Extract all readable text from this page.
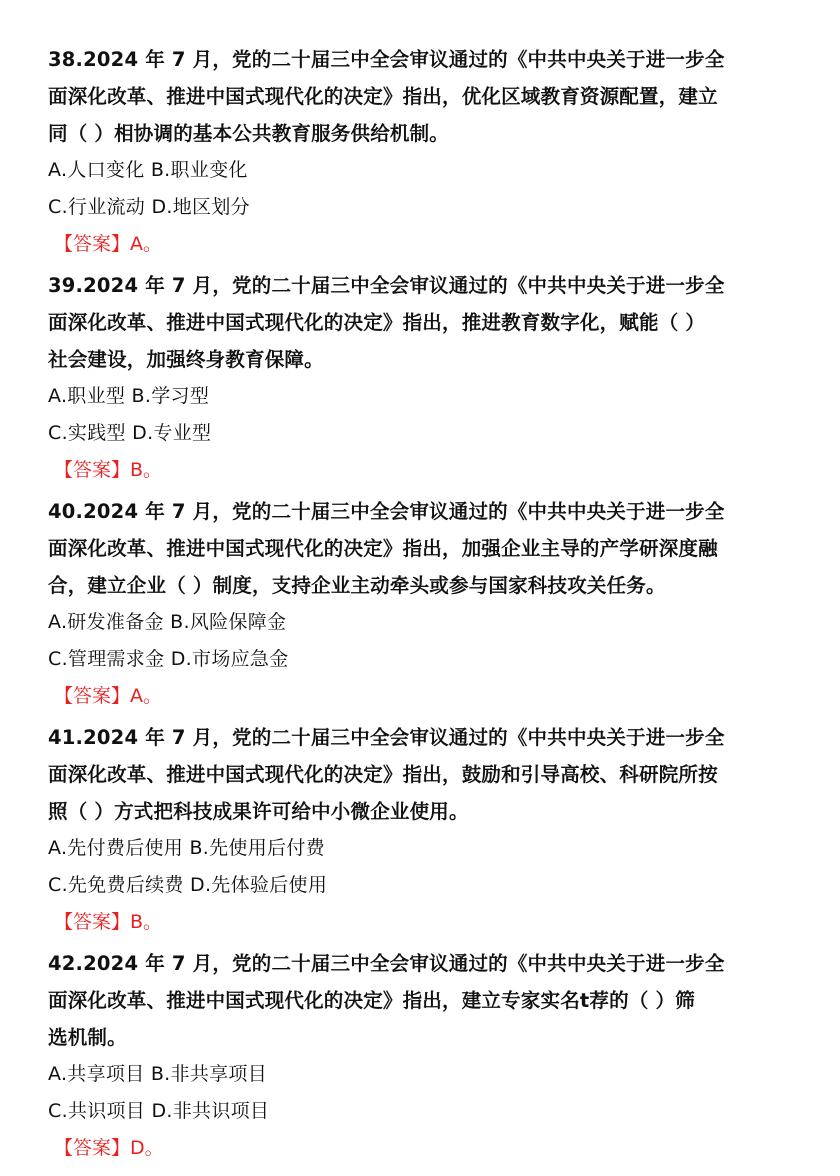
38.2024 年 7 月，党的二十届三中全会审议通过的《中共中央关于进一步全
面深化改革、推进中国式现代化的决定》指出，优化区域教育资源配置，建立
同（ ）相协调的基本公共教育服务供给机制。
A.人口变化 B.职业变化
C.行业流动 D.地区划分
【答案】A。
39.2024 年 7 月，党的二十届三中全会审议通过的《中共中央关于进一步全
面深化改革、推进中国式现代化的决定》指出，推进教育数字化，赋能（ ）
社会建设，加强终身教育保障。
A.职业型 B.学习型
C.实践型 D.专业型
【答案】B。
40.2024 年 7 月，党的二十届三中全会审议通过的《中共中央关于进一步全
面深化改革、推进中国式现代化的决定》指出，加强企业主导的产学研深度融
合，建立企业（ ）制度，支持企业主动牵头或参与国家科技攻关任务。
A.研发准备金 B.风险保障金
C.管理需求金 D.市场应急金
【答案】A。
41.2024 年 7 月，党的二十届三中全会审议通过的《中共中央关于进一步全
面深化改革、推进中国式现代化的决定》指出，鼓励和引导高校、科研院所按
照（ ）方式把科技成果许可给中小微企业使用。
A.先付费后使用 B.先使用后付费
C.先免费后续费 D.先体验后使用
【答案】B。
42.2024 年 7 月，党的二十届三中全会审议通过的《中共中央关于进一步全
面深化改革、推进中国式现代化的决定》指出，建立专家实名t荐的（ ）筛
选机制。
A.共享项目 B.非共享项目
C.共识项目 D.非共识项目
【答案】D。
